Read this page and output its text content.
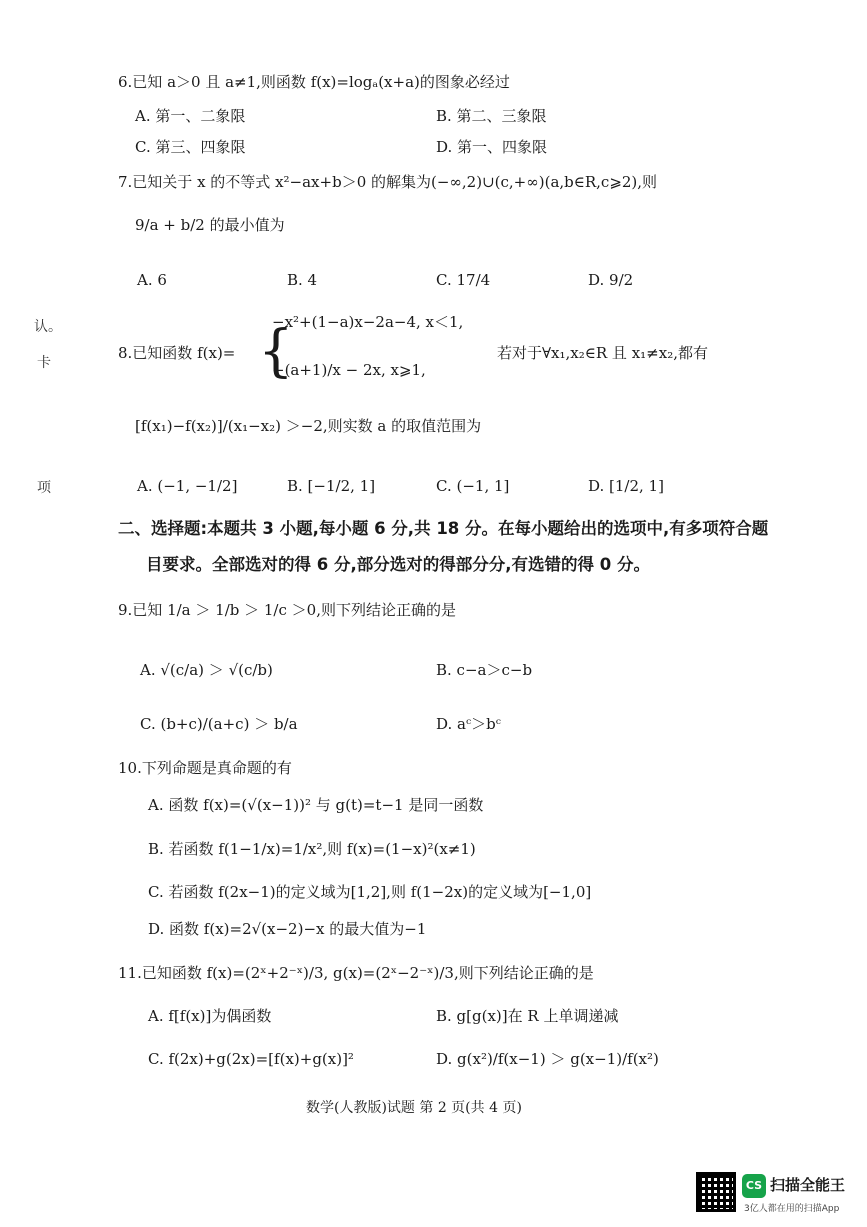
认。
卡
项
6.已知 a＞0 且 a≠1,则函数 f(x)=logₐ(x+a)的图象必经过
A. 第一、二象限	B. 第二、三象限
C. 第三、四象限	D. 第一、四象限
7.已知关于 x 的不等式 x²−ax+b＞0 的解集为(−∞,2)∪(c,+∞)(a,b∈R,c⩾2),则
9/a + b/2 的最小值为
A. 6	B. 4	C. 17/4	D. 9/2
8.已知函数 f(x)= {
−x²+(1−a)x−2a−4, x＜1,
−(a+1)/x − 2x, x⩾1,
若对于∀x₁,x₂∈R 且 x₁≠x₂,都有
[f(x₁)−f(x₂)]/(x₁−x₂) ＞−2,则实数 a 的取值范围为
A. (−1, −1/2]	B. [−1/2, 1]	C. (−1, 1]	D. [1/2, 1]
二、选择题:本题共 3 小题,每小题 6 分,共 18 分。在每小题给出的选项中,有多项符合题
目要求。全部选对的得 6 分,部分选对的得部分分,有选错的得 0 分。
9.已知 1/a ＞ 1/b ＞ 1/c ＞0,则下列结论正确的是
A. √(c/a) ＞ √(c/b)	B. c−a＞c−b
C. (b+c)/(a+c) ＞ b/a	D. aᶜ＞bᶜ
10.下列命题是真命题的有
A. 函数 f(x)=(√(x−1))² 与 g(t)=t−1 是同一函数
B. 若函数 f(1−1/x)=1/x²,则 f(x)=(1−x)²(x≠1)
C. 若函数 f(2x−1)的定义域为[1,2],则 f(1−2x)的定义域为[−1,0]
D. 函数 f(x)=2√(x−2)−x 的最大值为−1
11.已知函数 f(x)=(2ˣ+2⁻ˣ)/3, g(x)=(2ˣ−2⁻ˣ)/3,则下列结论正确的是
A. f[f(x)]为偶函数	B. g[g(x)]在 R 上单调递减
C. f(2x)+g(2x)=[f(x)+g(x)]²	D. g(x²)/f(x−1) ＞ g(x−1)/f(x²)
数学(人教版)试题 第 2 页(共 4 页)
CS 扫描全能王
3亿人都在用的扫描App
